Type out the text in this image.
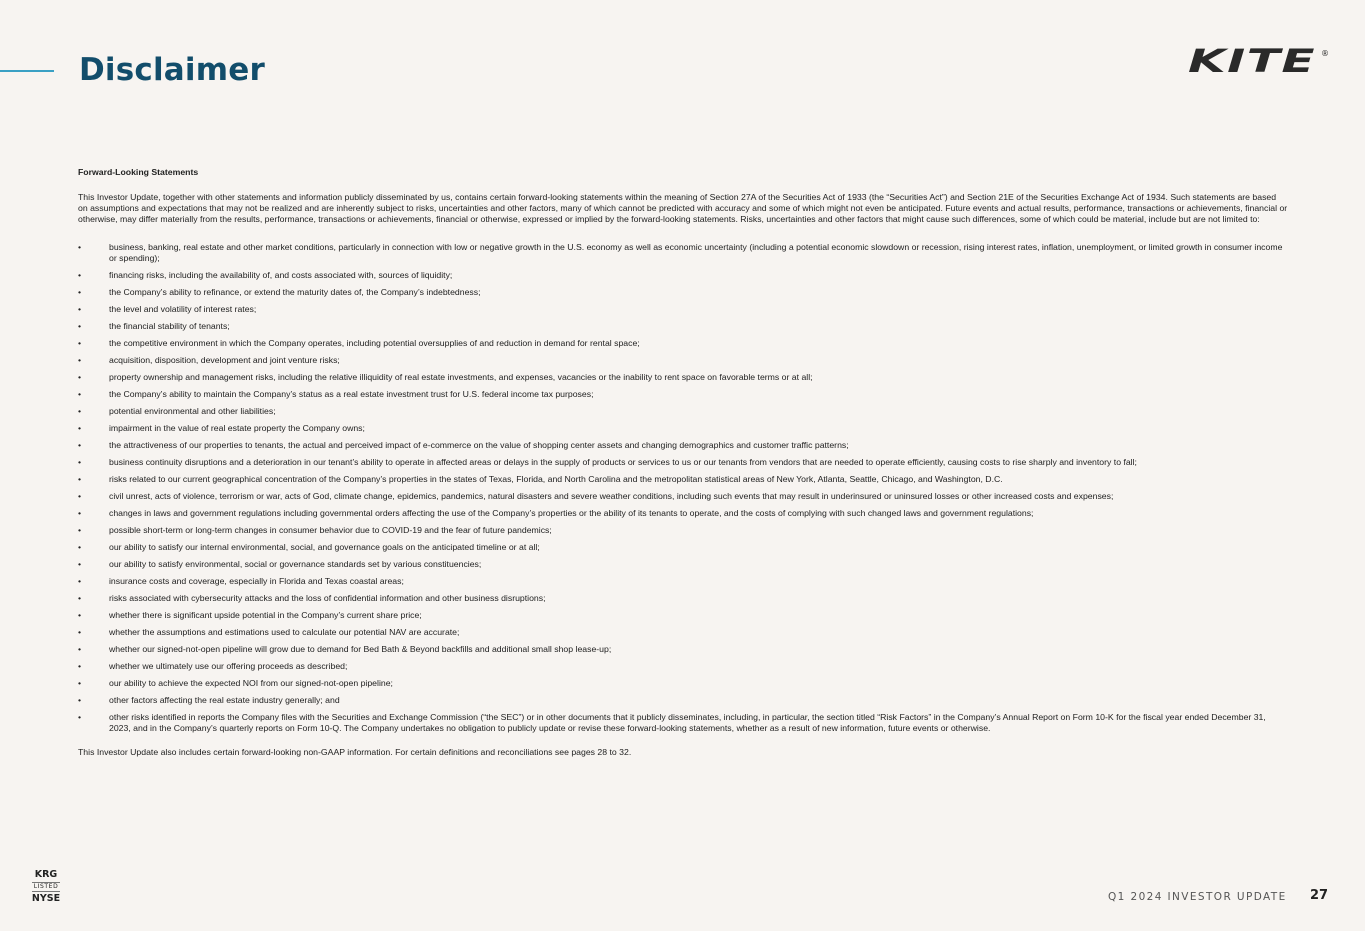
Disclaimer	KITE ®

Forward-Looking Statements

This Investor Update, together with other statements and information publicly disseminated by us, contains certain forward-looking statements within the meaning of Section 27A of the Securities Act of 1933 (the “Securities Act”) and Section 21E of the Securities Exchange Act of 1934. Such statements are based on assumptions and expectations that may not be realized and are inherently subject to risks, uncertainties and other factors, many of which cannot be predicted with accuracy and some of which might not even be anticipated. Future events and actual results, performance, transactions or achievements, financial or otherwise, may differ materially from the results, performance, transactions or achievements, financial or otherwise, expressed or implied by the forward-looking statements. Risks, uncertainties and other factors that might cause such differences, some of which could be material, include but are not limited to:

•	business, banking, real estate and other market conditions, particularly in connection with low or negative growth in the U.S. economy as well as economic uncertainty (including a potential economic slowdown or recession, rising interest rates, inflation, unemployment, or limited growth in consumer income or spending);
•	financing risks, including the availability of, and costs associated with, sources of liquidity;
•	the Company’s ability to refinance, or extend the maturity dates of, the Company’s indebtedness;
•	the level and volatility of interest rates;
•	the financial stability of tenants;
•	the competitive environment in which the Company operates, including potential oversupplies of and reduction in demand for rental space;
•	acquisition, disposition, development and joint venture risks;
•	property ownership and management risks, including the relative illiquidity of real estate investments, and expenses, vacancies or the inability to rent space on favorable terms or at all;
•	the Company’s ability to maintain the Company’s status as a real estate investment trust for U.S. federal income tax purposes;
•	potential environmental and other liabilities;
•	impairment in the value of real estate property the Company owns;
•	the attractiveness of our properties to tenants, the actual and perceived impact of e-commerce on the value of shopping center assets and changing demographics and customer traffic patterns;
•	business continuity disruptions and a deterioration in our tenant’s ability to operate in affected areas or delays in the supply of products or services to us or our tenants from vendors that are needed to operate efficiently, causing costs to rise sharply and inventory to fall;
•	risks related to our current geographical concentration of the Company’s properties in the states of Texas, Florida, and North Carolina and the metropolitan statistical areas of New York, Atlanta, Seattle, Chicago, and Washington, D.C.
•	civil unrest, acts of violence, terrorism or war, acts of God, climate change, epidemics, pandemics, natural disasters and severe weather conditions, including such events that may result in underinsured or uninsured losses or other increased costs and expenses;
•	changes in laws and government regulations including governmental orders affecting the use of the Company’s properties or the ability of its tenants to operate, and the costs of complying with such changed laws and government regulations;
•	possible short-term or long-term changes in consumer behavior due to COVID-19 and the fear of future pandemics;
•	our ability to satisfy our internal environmental, social, and governance goals on the anticipated timeline or at all;
•	our ability to satisfy environmental, social or governance standards set by various constituencies;
•	insurance costs and coverage, especially in Florida and Texas coastal areas;
•	risks associated with cybersecurity attacks and the loss of confidential information and other business disruptions;
•	whether there is significant upside potential in the Company’s current share price;
•	whether the assumptions and estimations used to calculate our potential NAV are accurate;
•	whether our signed-not-open pipeline will grow due to demand for Bed Bath & Beyond backfills and additional small shop lease-up;
•	whether we ultimately use our offering proceeds as described;
•	our ability to achieve the expected NOI from our signed-not-open pipeline;
•	other factors affecting the real estate industry generally; and
•	other risks identified in reports the Company files with the Securities and Exchange Commission (“the SEC”) or in other documents that it publicly disseminates, including, in particular, the section titled “Risk Factors” in the Company’s Annual Report on Form 10-K for the fiscal year ended December 31, 2023, and in the Company’s quarterly reports on Form 10-Q. The Company undertakes no obligation to publicly update or revise these forward-looking statements, whether as a result of new information, future events or otherwise.

This Investor Update also includes certain forward-looking non-GAAP information. For certain definitions and reconciliations see pages 28 to 32.

KRG
LISTED
NYSE	Q1 2024 INVESTOR UPDATE 27
